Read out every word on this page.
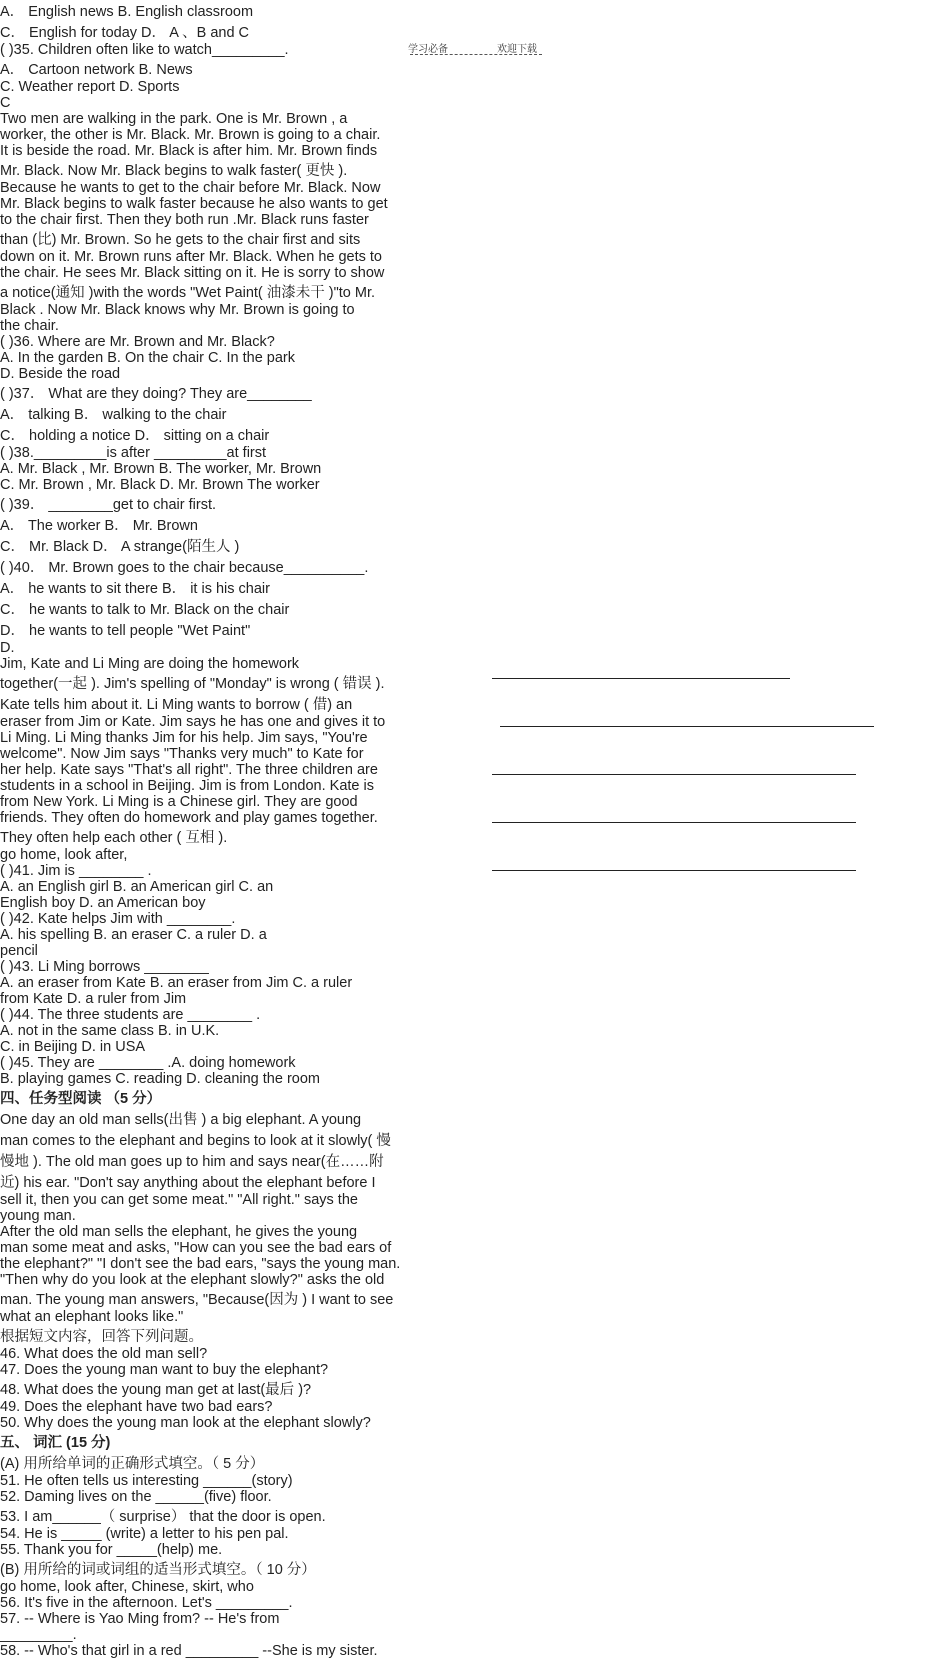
学习必备	欢迎下载
A． English news B. English classroom
C． English for today D． A 、B and C
( )35. Children often like to watch_________.
A． Cartoon network B. News
C. Weather report D. Sports
C
Two men are walking in the park. One is Mr. Brown , a
worker, the other is Mr. Black. Mr. Brown is going to a chair.
It is beside the road. Mr. Black is after him. Mr. Brown finds
Mr. Black. Now Mr. Black begins to walk faster( 更快 ).
Because he wants to get to the chair before Mr. Black. Now
Mr. Black begins to walk faster because he also wants to get
to the chair first. Then they both run .Mr. Black runs faster
than (比) Mr. Brown. So he gets to the chair first and sits
down on it. Mr. Brown runs after Mr. Black. When he gets to
the chair. He sees Mr. Black sitting on it. He is sorry to show
a notice(通知 )with the words "Wet Paint( 油漆未干 )"to Mr.
Black . Now Mr. Black knows why Mr. Brown is going to
the chair.
( )36. Where are Mr. Brown and Mr. Black?
A. In the garden B. On the chair C. In the park
D. Beside the road
( )37． What are they doing? They are________
A． talking B． walking to the chair
C． holding a notice D． sitting on a chair
( )38._________is after _________at first
A. Mr. Black , Mr. Brown B. The worker, Mr. Brown
C. Mr. Brown , Mr. Black D. Mr. Brown The worker
( )39． ________get to chair first.
A． The worker B． Mr. Brown
C． Mr. Black D． A strange(陌生人 )
( )40． Mr. Brown goes to the chair because__________.
A． he wants to sit there B． it is his chair
C． he wants to talk to Mr. Black on the chair
D． he wants to tell people "Wet Paint"
D.
Jim, Kate and Li Ming are doing the homework
together(一起 ). Jim's spelling of "Monday" is wrong ( 错误 ).
Kate tells him about it. Li Ming wants to borrow ( 借) an
eraser from Jim or Kate. Jim says he has one and gives it to
Li Ming. Li Ming thanks Jim for his help. Jim says, "You're
welcome". Now Jim says "Thanks very much" to Kate for
her help. Kate says "That's all right". The three children are
students in a school in Beijing. Jim is from London. Kate is
from New York. Li Ming is a Chinese girl. They are good
friends. They often do homework and play games together.
They often help each other ( 互相 ).
go home, look after,
( )41. Jim is ________ .
A. an English girl B. an American girl C. an
English boy D. an American boy
( )42. Kate helps Jim with ________.
A. his spelling B. an eraser C. a ruler D. a
pencil
( )43. Li Ming borrows ________
A. an eraser from Kate B. an eraser from Jim C. a ruler
from Kate D. a ruler from Jim
( )44. The three students are ________ .
A. not in the same class B. in U.K.
C. in Beijing D. in USA
( )45. They are ________ .A. doing homework
B. playing games C. reading D. cleaning the room
四、任务型阅读 （5 分）
One day an old man sells(出售 ) a big elephant. A young
man comes to the elephant and begins to look at it slowly( 慢
慢地 ). The old man goes up to him and says near(在……附
近) his ear. "Don't say anything about the elephant before I
sell it, then you can get some meat." "All right." says the
young man.
After the old man sells the elephant, he gives the young
man some meat and asks, "How can you see the bad ears of
the elephant?" "I don't see the bad ears, "says the young man.
"Then why do you look at the elephant slowly?" asks the old
man. The young man answers, "Because(因为 ) I want to see
what an elephant looks like."
根据短文内容，回答下列问题。
46. What does the old man sell?
47. Does the young man want to buy the elephant?
48. What does the young man get at last(最后 )?
49. Does the elephant have two bad ears?
50. Why does the young man look at the elephant slowly?
五、 词汇 (15 分)
(A) 用所给单词的正确形式填空。（ 5 分）
51. He often tells us interesting ______(story)
52. Daming lives on the ______(five) floor.
53. I am______（ surprise） that the door is open.
54. He is _____ (write) a letter to his pen pal.
55. Thank you for _____(help) me.
(B) 用所给的词或词组的适当形式填空。（ 10 分）
go home, look after, Chinese, skirt, who
56. It's five in the afternoon. Let's _________.
57. -- Where is Yao Ming from? -- He's from
_________.
58. -- Who's that girl in a red _________ --She is my sister.
